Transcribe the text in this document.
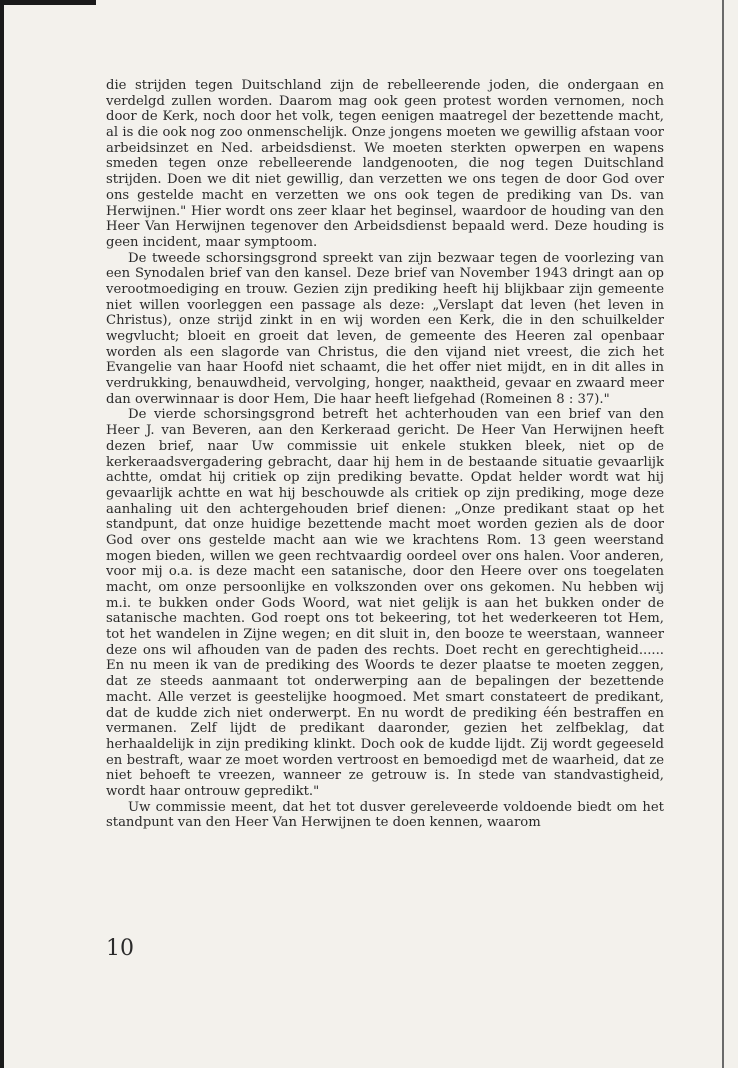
die strijden tegen Duitschland zijn de rebelleerende joden, die ondergaan en verdelgd zullen worden. Daarom mag ook geen protest worden vernomen, noch door de Kerk, noch door het volk, tegen eenigen maatregel der bezettende macht, al is die ook nog zoo onmenschelijk. Onze jongens moeten we gewillig afstaan voor arbeidsinzet en Ned. arbeidsdienst. We moeten sterkten opwerpen en wapens smeden tegen onze rebelleerende landgenooten, die nog tegen Duitschland strijden. Doen we dit niet gewillig, dan verzetten we ons tegen de door God over ons gestelde macht en verzetten we ons ook tegen de prediking van Ds. van Herwijnen." Hier wordt ons zeer klaar het beginsel, waardoor de houding van den Heer Van Herwijnen tegenover den Arbeidsdienst bepaald werd. Deze houding is geen incident, maar symptoom.

De tweede schorsingsgrond spreekt van zijn bezwaar tegen de voorlezing van een Synodalen brief van den kansel. Deze brief van November 1943 dringt aan op verootmoediging en trouw. Gezien zijn prediking heeft hij blijkbaar zijn gemeente niet willen voorleggen een passage als deze: „Verslapt dat leven (het leven in Christus), onze strijd zinkt in en wij worden een Kerk, die in den schuilkelder wegvlucht; bloeit en groeit dat leven, de gemeente des Heeren zal openbaar worden als een slagorde van Christus, die den vijand niet vreest, die zich het Evangelie van haar Hoofd niet schaamt, die het offer niet mijdt, en in dit alles in verdrukking, benauwdheid, vervolging, honger, naaktheid, gevaar en zwaard meer dan overwinnaar is door Hem, Die haar heeft liefgehad (Romeinen 8 : 37)."

De vierde schorsingsgrond betreft het achterhouden van een brief van den Heer J. van Beveren, aan den Kerkeraad gericht. De Heer Van Herwijnen heeft dezen brief, naar Uw commissie uit enkele stukken bleek, niet op de kerkeraadsvergadering gebracht, daar hij hem in de bestaande situatie gevaarlijk achtte, omdat hij critiek op zijn prediking bevatte. Opdat helder wordt wat hij gevaarlijk achtte en wat hij beschouwde als critiek op zijn prediking, moge deze aanhaling uit den achtergehouden brief dienen: „Onze predikant staat op het standpunt, dat onze huidige bezettende macht moet worden gezien als de door God over ons gestelde macht aan wie we krachtens Rom. 13 geen weerstand mogen bieden, willen we geen rechtvaardig oordeel over ons halen. Voor anderen, voor mij o.a. is deze macht een satanische, door den Heere over ons toegelaten macht, om onze persoonlijke en volkszonden over ons gekomen. Nu hebben wij m.i. te bukken onder Gods Woord, wat niet gelijk is aan het bukken onder de satanische machten. God roept ons tot bekeering, tot het wederkeeren tot Hem, tot het wandelen in Zijne wegen; en dit sluit in, den booze te weerstaan, wanneer deze ons wil afhouden van de paden des rechts. Doet recht en gerechtigheid...... En nu meen ik van de prediking des Woords te dezer plaatse te moeten zeggen, dat ze steeds aanmaant tot onderwerping aan de bepalingen der bezettende macht. Alle verzet is geestelijke hoogmoed. Met smart constateert de predikant, dat de kudde zich niet onderwerpt. En nu wordt de prediking één bestraffen en vermanen. Zelf lijdt de predikant daaronder, gezien het zelfbeklag, dat herhaaldelijk in zijn prediking klinkt. Doch ook de kudde lijdt. Zij wordt gegeeseld en bestraft, waar ze moet worden vertroost en bemoedigd met de waarheid, dat ze niet behoeft te vreezen, wanneer ze getrouw is. In stede van standvastigheid, wordt haar ontrouw gepredikt."

Uw commissie meent, dat het tot dusver gereleveerde voldoende biedt om het standpunt van den Heer Van Herwijnen te doen kennen, waarom

10
